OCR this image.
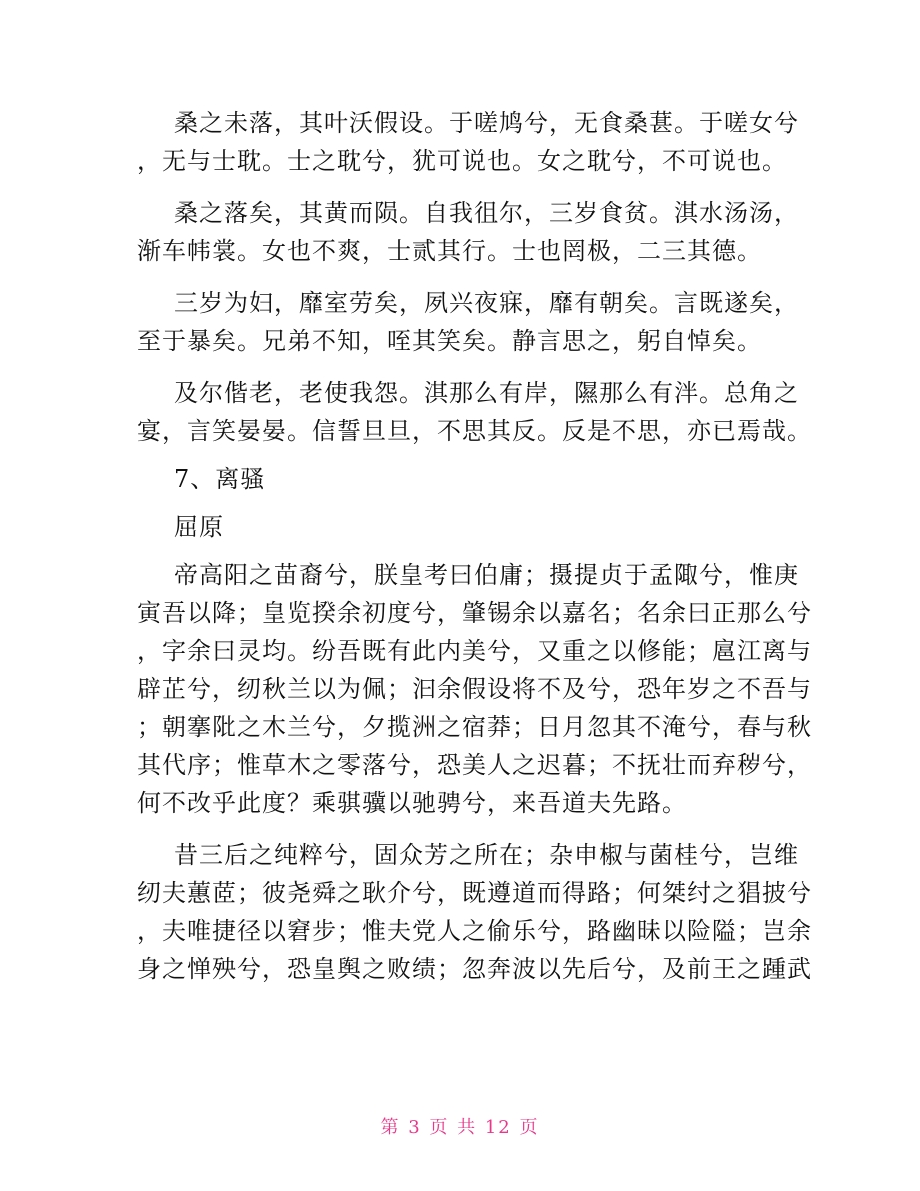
桑之未落，其叶沃假设。于嗟鸠兮，无食桑葚。于嗟女兮
，无与士耽。士之耽兮，犹可说也。女之耽兮，不可说也。
桑之落矣，其黄而陨。自我徂尔，三岁食贫。淇水汤汤，
渐车帏裳。女也不爽，士贰其行。士也罔极，二三其德。
三岁为妇，靡室劳矣，夙兴夜寐，靡有朝矣。言既遂矣，
至于暴矣。兄弟不知，咥其笑矣。静言思之，躬自悼矣。
及尔偕老，老使我怨。淇那么有岸，隰那么有泮。总角之
宴，言笑晏晏。信誓旦旦，不思其反。反是不思，亦已焉哉。
7、离骚
屈原
帝高阳之苗裔兮，朕皇考曰伯庸；摄提贞于孟陬兮，惟庚
寅吾以降；皇览揆余初度兮，肇锡余以嘉名；名余曰正那么兮
，字余曰灵均。纷吾既有此内美兮，又重之以修能；扈江离与
辟芷兮，纫秋兰以为佩；汩余假设将不及兮，恐年岁之不吾与
；朝搴阰之木兰兮，夕揽洲之宿莽；日月忽其不淹兮，春与秋
其代序；惟草木之零落兮，恐美人之迟暮；不抚壮而弃秽兮，
何不改乎此度？乘骐骥以驰骋兮，来吾道夫先路。
昔三后之纯粹兮，固众芳之所在；杂申椒与菌桂兮，岂维
纫夫蕙茝；彼尧舜之耿介兮，既遵道而得路；何桀纣之猖披兮
，夫唯捷径以窘步；惟夫党人之偷乐兮，路幽昧以险隘；岂余
身之惮殃兮，恐皇舆之败绩；忽奔波以先后兮，及前王之踵武
第 3 页 共 12 页
